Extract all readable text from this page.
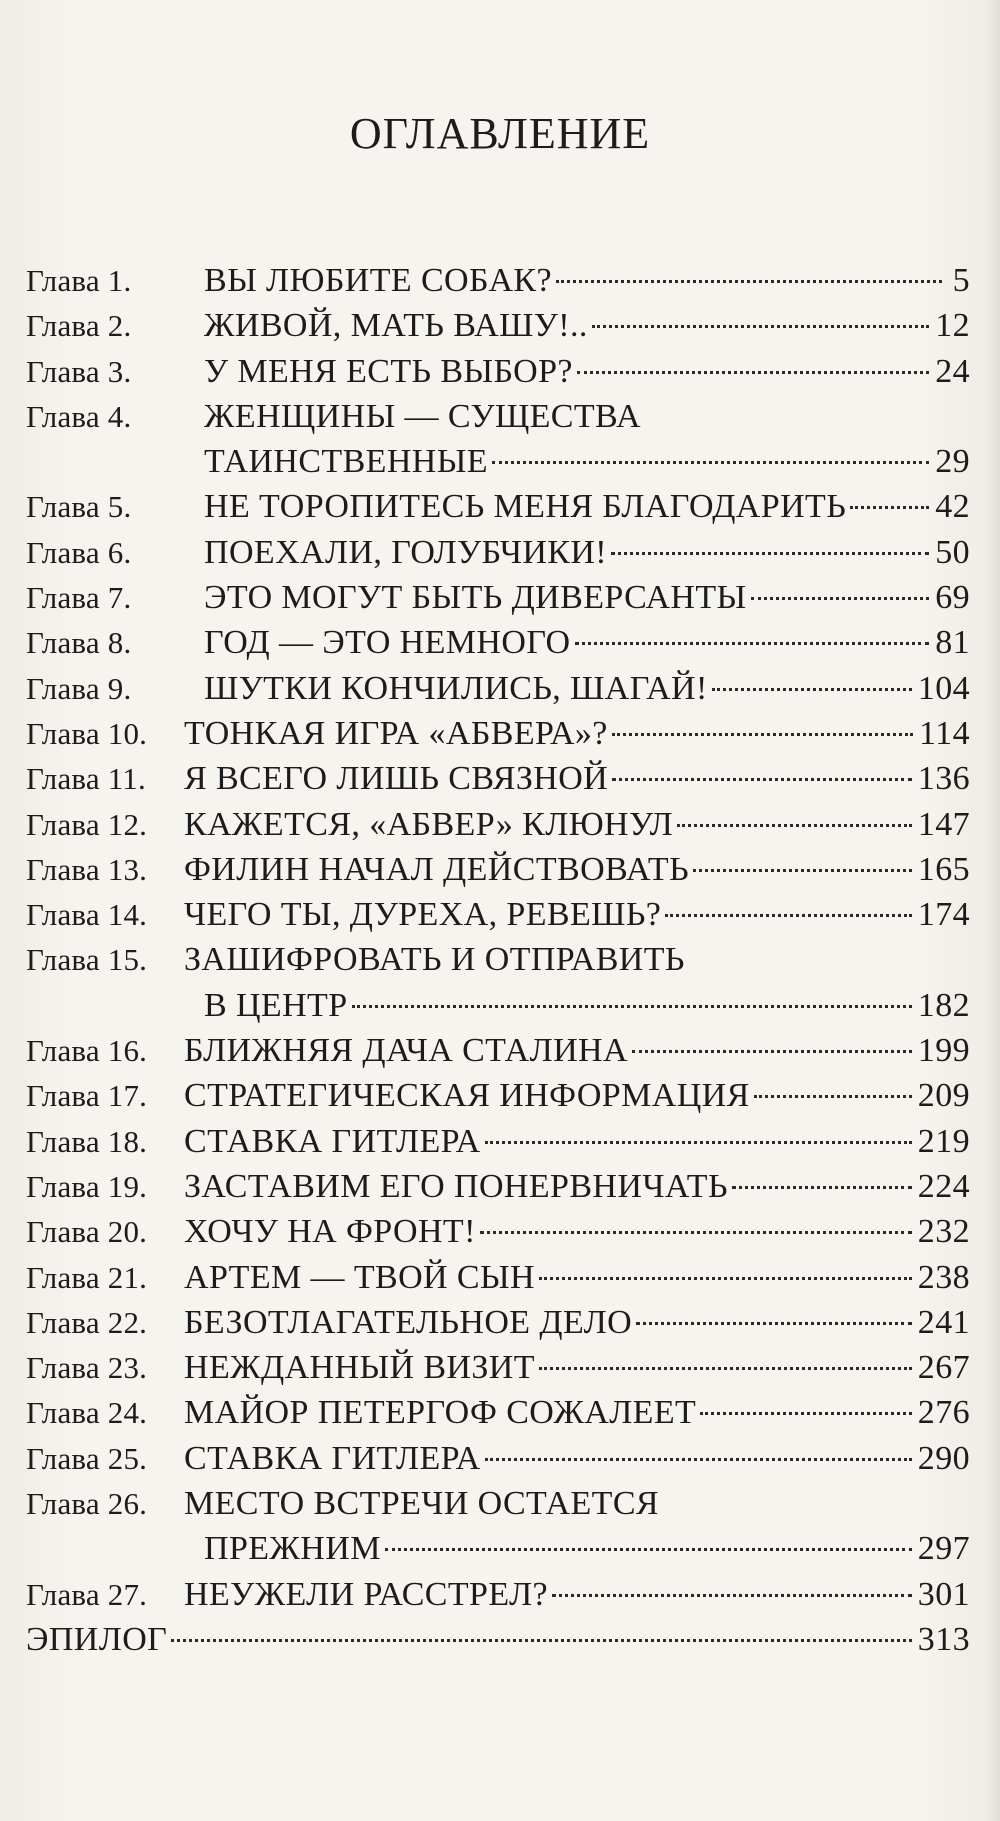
ОГЛАВЛЕНИЕ
Глава 1.	ВЫ ЛЮБИТЕ СОБАК?	5
Глава 2.	ЖИВОЙ, МАТЬ ВАШУ!..	12
Глава 3.	У МЕНЯ ЕСТЬ ВЫБОР?	24
Глава 4.	ЖЕНЩИНЫ — СУЩЕСТВА
ТАИНСТВЕННЫЕ	29
Глава 5.	НЕ ТОРОПИТЕСЬ МЕНЯ БЛАГОДАРИТЬ	42
Глава 6.	ПОЕХАЛИ, ГОЛУБЧИКИ!	50
Глава 7.	ЭТО МОГУТ БЫТЬ ДИВЕРСАНТЫ	69
Глава 8.	ГОД — ЭТО НЕМНОГО	81
Глава 9.	ШУТКИ КОНЧИЛИСЬ, ШАГАЙ!	104
Глава 10.	ТОНКАЯ ИГРА «АБВЕРА»?	114
Глава 11.	Я ВСЕГО ЛИШЬ СВЯЗНОЙ	136
Глава 12.	КАЖЕТСЯ, «АБВЕР» КЛЮНУЛ	147
Глава 13.	ФИЛИН НАЧАЛ ДЕЙСТВОВАТЬ	165
Глава 14.	ЧЕГО ТЫ, ДУРЕХА, РЕВЕШЬ?	174
Глава 15.	ЗАШИФРОВАТЬ И ОТПРАВИТЬ
В ЦЕНТР	182
Глава 16.	БЛИЖНЯЯ ДАЧА СТАЛИНА	199
Глава 17.	СТРАТЕГИЧЕСКАЯ ИНФОРМАЦИЯ	209
Глава 18.	СТАВКА ГИТЛЕРА	219
Глава 19.	ЗАСТАВИМ ЕГО ПОНЕРВНИЧАТЬ	224
Глава 20.	ХОЧУ НА ФРОНТ!	232
Глава 21.	АРТЕМ — ТВОЙ СЫН	238
Глава 22.	БЕЗОТЛАГАТЕЛЬНОЕ ДЕЛО	241
Глава 23.	НЕЖДАННЫЙ ВИЗИТ	267
Глава 24.	МАЙОР ПЕТЕРГОФ СОЖАЛЕЕТ	276
Глава 25.	СТАВКА ГИТЛЕРА	290
Глава 26.	МЕСТО ВСТРЕЧИ ОСТАЕТСЯ
ПРЕЖНИМ	297
Глава 27.	НЕУЖЕЛИ РАССТРЕЛ?	301
ЭПИЛОГ	313
